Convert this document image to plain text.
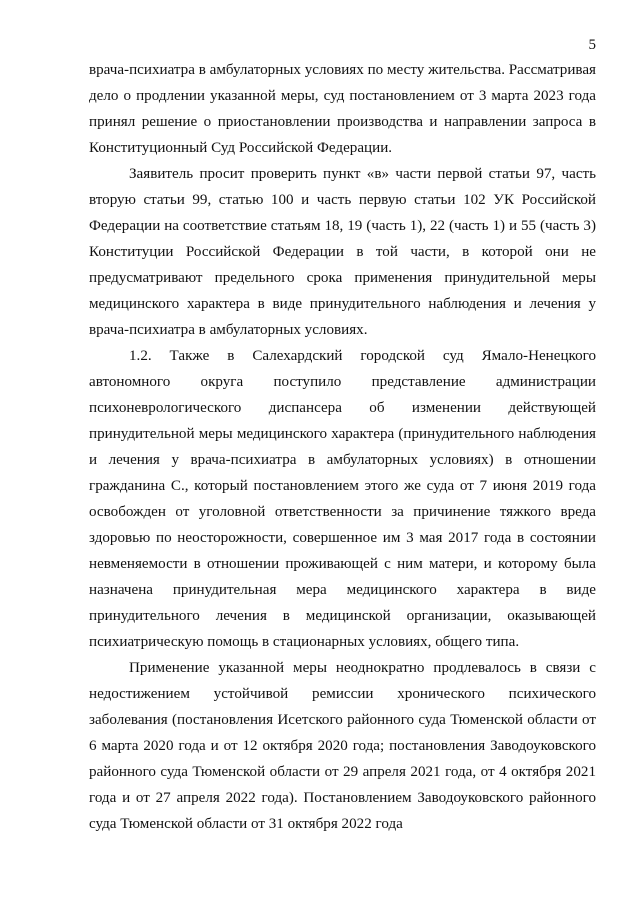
5

врача-психиатра в амбулаторных условиях по месту жительства. Рассматривая дело о продлении указанной меры, суд постановлением от 3 марта 2023 года принял решение о приостановлении производства и направлении запроса в Конституционный Суд Российской Федерации.

Заявитель просит проверить пункт «в» части первой статьи 97, часть вторую статьи 99, статью 100 и часть первую статьи 102 УК Российской Федерации на соответствие статьям 18, 19 (часть 1), 22 (часть 1) и 55 (часть 3) Конституции Российской Федерации в той части, в которой они не предусматривают предельного срока применения принудительной меры медицинского характера в виде принудительного наблюдения и лечения у врача-психиатра в амбулаторных условиях.

1.2. Также в Салехардский городской суд Ямало-Ненецкого автономного округа поступило представление администрации психоневрологического диспансера об изменении действующей принудительной меры медицинского характера (принудительного наблюдения и лечения у врача-психиатра в амбулаторных условиях) в отношении гражданина С., который постановлением этого же суда от 7 июня 2019 года освобожден от уголовной ответственности за причинение тяжкого вреда здоровью по неосторожности, совершенное им 3 мая 2017 года в состоянии невменяемости в отношении проживающей с ним матери, и которому была назначена принудительная мера медицинского характера в виде принудительного лечения в медицинской организации, оказывающей психиатрическую помощь в стационарных условиях, общего типа.

Применение указанной меры неоднократно продлевалось в связи с недостижением устойчивой ремиссии хронического психического заболевания (постановления Исетского районного суда Тюменской области от 6 марта 2020 года и от 12 октября 2020 года; постановления Заводоуковского районного суда Тюменской области от 29 апреля 2021 года, от 4 октября 2021 года и от 27 апреля 2022 года). Постановлением Заводоуковского районного суда Тюменской области от 31 октября 2022 года
